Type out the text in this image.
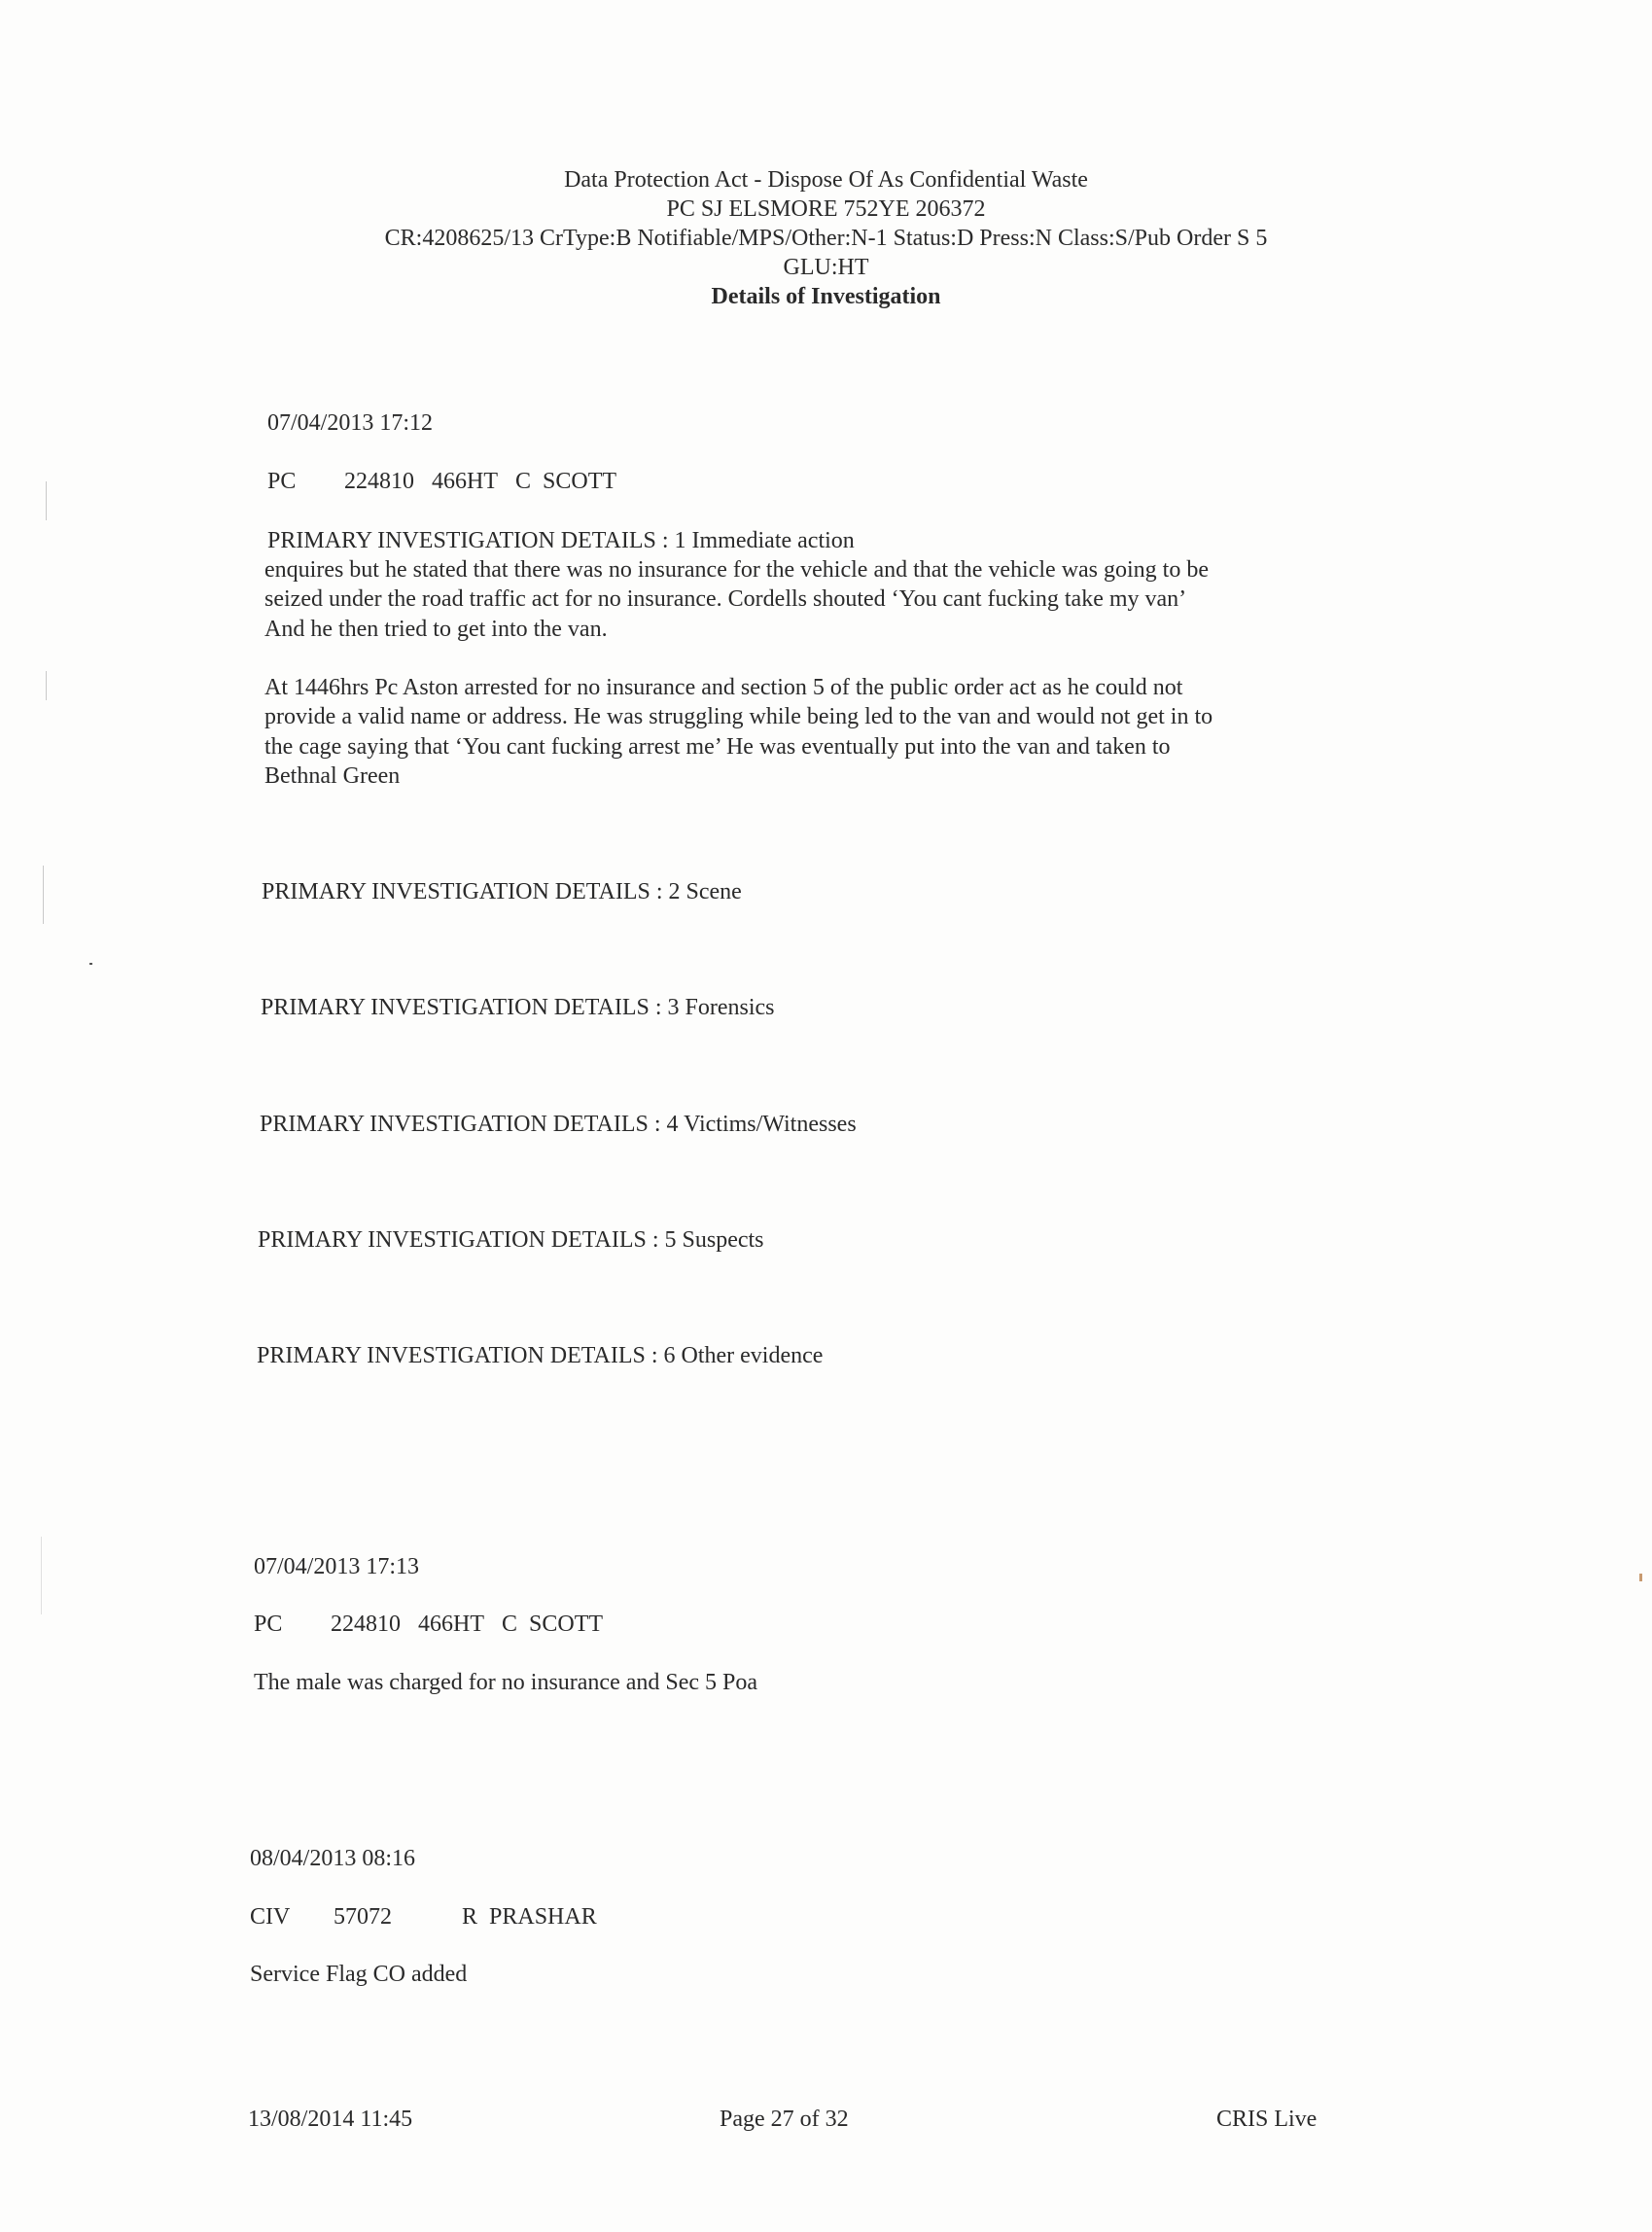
Data Protection Act - Dispose Of As Confidential Waste
PC SJ ELSMORE 752YE 206372
CR:4208625/13 CrType:B Notifiable/MPS/Other:N-1 Status:D Press:N Class:S/Pub Order S 5
GLU:HT
Details of Investigation
07/04/2013 17:12
PC 224810 466HT C  SCOTT
PRIMARY INVESTIGATION DETAILS : 1 Immediate action
enquires but he stated that there was no insurance for the vehicle and that the vehicle was going to be
seized under the road traffic act for no insurance. Cordells shouted ‘You cant fucking take my van’
And he then tried to get into the van.
At 1446hrs Pc Aston arrested for no insurance and section 5 of the public order act as he could not
provide a valid name or address. He was struggling while being led to the van and would not get in to
the cage saying that ‘You cant fucking arrest me’ He was eventually put into the van and taken to
Bethnal Green
PRIMARY INVESTIGATION DETAILS : 2 Scene
PRIMARY INVESTIGATION DETAILS : 3 Forensics
PRIMARY INVESTIGATION DETAILS : 4 Victims/Witnesses
PRIMARY INVESTIGATION DETAILS : 5 Suspects
PRIMARY INVESTIGATION DETAILS : 6 Other evidence
07/04/2013 17:13
PC 224810 466HT C  SCOTT
The male was charged for no insurance and Sec 5 Poa
08/04/2013 08:16
CIV 57072	R  PRASHAR
Service Flag CO added
13/08/2014 11:45	Page 27 of 32	CRIS Live
